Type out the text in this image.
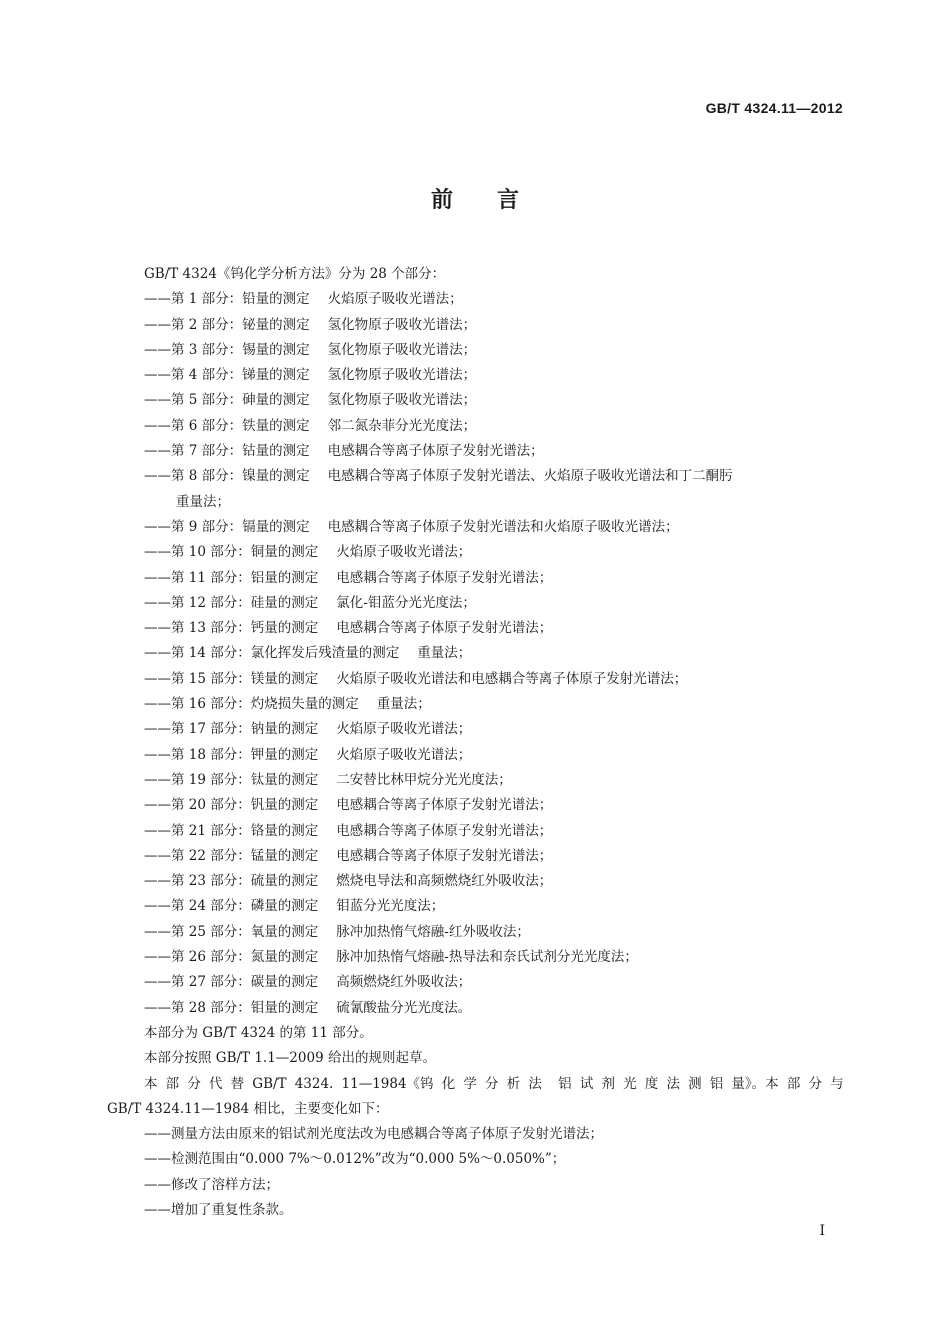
GB/T 4324.11—2012
前言
GB/T 4324《钨化学分析方法》分为 28 个部分：
——第 1 部分：铅量的测定 火焰原子吸收光谱法；
——第 2 部分：铋量的测定 氢化物原子吸收光谱法；
——第 3 部分：锡量的测定 氢化物原子吸收光谱法；
——第 4 部分：锑量的测定 氢化物原子吸收光谱法；
——第 5 部分：砷量的测定 氢化物原子吸收光谱法；
——第 6 部分：铁量的测定 邻二氮杂菲分光光度法；
——第 7 部分：钴量的测定 电感耦合等离子体原子发射光谱法；
——第 8 部分：镍量的测定 电感耦合等离子体原子发射光谱法、火焰原子吸收光谱法和丁二酮肟
重量法；
——第 9 部分：镉量的测定 电感耦合等离子体原子发射光谱法和火焰原子吸收光谱法；
——第 10 部分：铜量的测定 火焰原子吸收光谱法；
——第 11 部分：铝量的测定 电感耦合等离子体原子发射光谱法；
——第 12 部分：硅量的测定 氯化-钼蓝分光光度法；
——第 13 部分：钙量的测定 电感耦合等离子体原子发射光谱法；
——第 14 部分：氯化挥发后残渣量的测定 重量法；
——第 15 部分：镁量的测定 火焰原子吸收光谱法和电感耦合等离子体原子发射光谱法；
——第 16 部分：灼烧损失量的测定 重量法；
——第 17 部分：钠量的测定 火焰原子吸收光谱法；
——第 18 部分：钾量的测定 火焰原子吸收光谱法；
——第 19 部分：钛量的测定 二安替比林甲烷分光光度法；
——第 20 部分：钒量的测定 电感耦合等离子体原子发射光谱法；
——第 21 部分：铬量的测定 电感耦合等离子体原子发射光谱法；
——第 22 部分：锰量的测定 电感耦合等离子体原子发射光谱法；
——第 23 部分：硫量的测定 燃烧电导法和高频燃烧红外吸收法；
——第 24 部分：磷量的测定 钼蓝分光光度法；
——第 25 部分：氧量的测定 脉冲加热惰气熔融-红外吸收法；
——第 26 部分：氮量的测定 脉冲加热惰气熔融-热导法和奈氏试剂分光光度法；
——第 27 部分：碳量的测定 高频燃烧红外吸收法；
——第 28 部分：钼量的测定 硫氰酸盐分光光度法。
本部分为 GB/T 4324 的第 11 部分。
本部分按照 GB/T 1.1—2009 给出的规则起草。
本 部 分 代 替 GB/T 4324. 11—1984《钨 化 学 分 析 法 铝 试 剂 光 度 法 测 铝 量》。本 部 分 与
GB/T 4324.11—1984 相比，主要变化如下：
——测量方法由原来的铝试剂光度法改为电感耦合等离子体原子发射光谱法；
——检测范围由“0.000 7%～0.012%”改为“0.000 5%～0.050%”；
——修改了溶样方法；
——增加了重复性条款。
I
